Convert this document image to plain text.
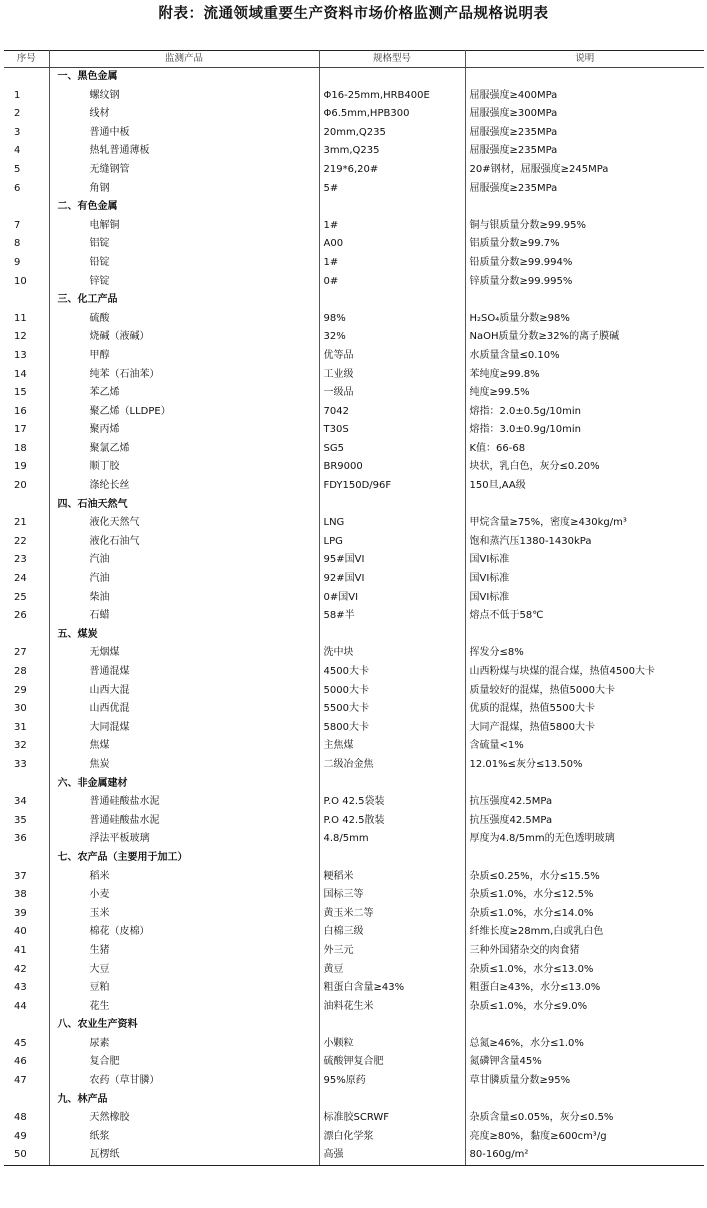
附表：流通领域重要生产资料市场价格监测产品规格说明表
序号	监测产品	规格型号	说明
	一、黑色金属		
1	螺纹钢	Φ16-25mm,HRB400E	屈服强度≥400MPa
2	线材	Φ6.5mm,HPB300	屈服强度≥300MPa
3	普通中板	20mm,Q235	屈服强度≥235MPa
4	热轧普通薄板	3mm,Q235	屈服强度≥235MPa
5	无缝钢管	219*6,20#	20#钢材，屈服强度≥245MPa
6	角钢	5#	屈服强度≥235MPa
	二、有色金属		
7	电解铜	1#	铜与银质量分数≥99.95%
8	铝锭	A00	铝质量分数≥99.7%
9	铅锭	1#	铅质量分数≥99.994%
10	锌锭	0#	锌质量分数≥99.995%
	三、化工产品		
11	硫酸	98%	H₂SO₄质量分数≥98%
12	烧碱（液碱）	32%	NaOH质量分数≥32%的离子膜碱
13	甲醇	优等品	水质量含量≤0.10%
14	纯苯（石油苯）	工业级	苯纯度≥99.8%
15	苯乙烯	一级品	纯度≥99.5%
16	聚乙烯（LLDPE）	7042	熔指：2.0±0.5g/10min
17	聚丙烯	T30S	熔指：3.0±0.9g/10min
18	聚氯乙烯	SG5	K值：66-68
19	顺丁胶	BR9000	块状，乳白色，灰分≤0.20%
20	涤纶长丝	FDY150D/96F	150旦,AA级
	四、石油天然气		
21	液化天然气	LNG	甲烷含量≥75%，密度≥430kg/m³
22	液化石油气	LPG	饱和蒸汽压1380-1430kPa
23	汽油	95#国VI	国VI标准
24	汽油	92#国VI	国VI标准
25	柴油	0#国VI	国VI标准
26	石蜡	58#半	熔点不低于58℃
	五、煤炭		
27	无烟煤	洗中块	挥发分≤8%
28	普通混煤	4500大卡	山西粉煤与块煤的混合煤，热值4500大卡
29	山西大混	5000大卡	质量较好的混煤，热值5000大卡
30	山西优混	5500大卡	优质的混煤，热值5500大卡
31	大同混煤	5800大卡	大同产混煤，热值5800大卡
32	焦煤	主焦煤	含硫量<1%
33	焦炭	二级冶金焦	12.01%≤灰分≤13.50%
	六、非金属建材		
34	普通硅酸盐水泥	P.O 42.5袋装	抗压强度42.5MPa
35	普通硅酸盐水泥	P.O 42.5散装	抗压强度42.5MPa
36	浮法平板玻璃	4.8/5mm	厚度为4.8/5mm的无色透明玻璃
	七、农产品（主要用于加工）		
37	稻米	粳稻米	杂质≤0.25%，水分≤15.5%
38	小麦	国标三等	杂质≤1.0%，水分≤12.5%
39	玉米	黄玉米二等	杂质≤1.0%，水分≤14.0%
40	棉花（皮棉）	白棉三级	纤维长度≥28mm,白或乳白色
41	生猪	外三元	三种外国猪杂交的肉食猪
42	大豆	黄豆	杂质≤1.0%，水分≤13.0%
43	豆粕	粗蛋白含量≥43%	粗蛋白≥43%，水分≤13.0%
44	花生	油料花生米	杂质≤1.0%，水分≤9.0%
	八、农业生产资料		
45	尿素	小颗粒	总氮≥46%，水分≤1.0%
46	复合肥	硫酸钾复合肥	氮磷钾含量45%
47	农药（草甘膦）	95%原药	草甘膦质量分数≥95%
	九、林产品		
48	天然橡胶	标准胶SCRWF	杂质含量≤0.05%，灰分≤0.5%
49	纸浆	漂白化学浆	亮度≥80%，黏度≥600cm³/g
50	瓦楞纸	高强	80-160g/m²
